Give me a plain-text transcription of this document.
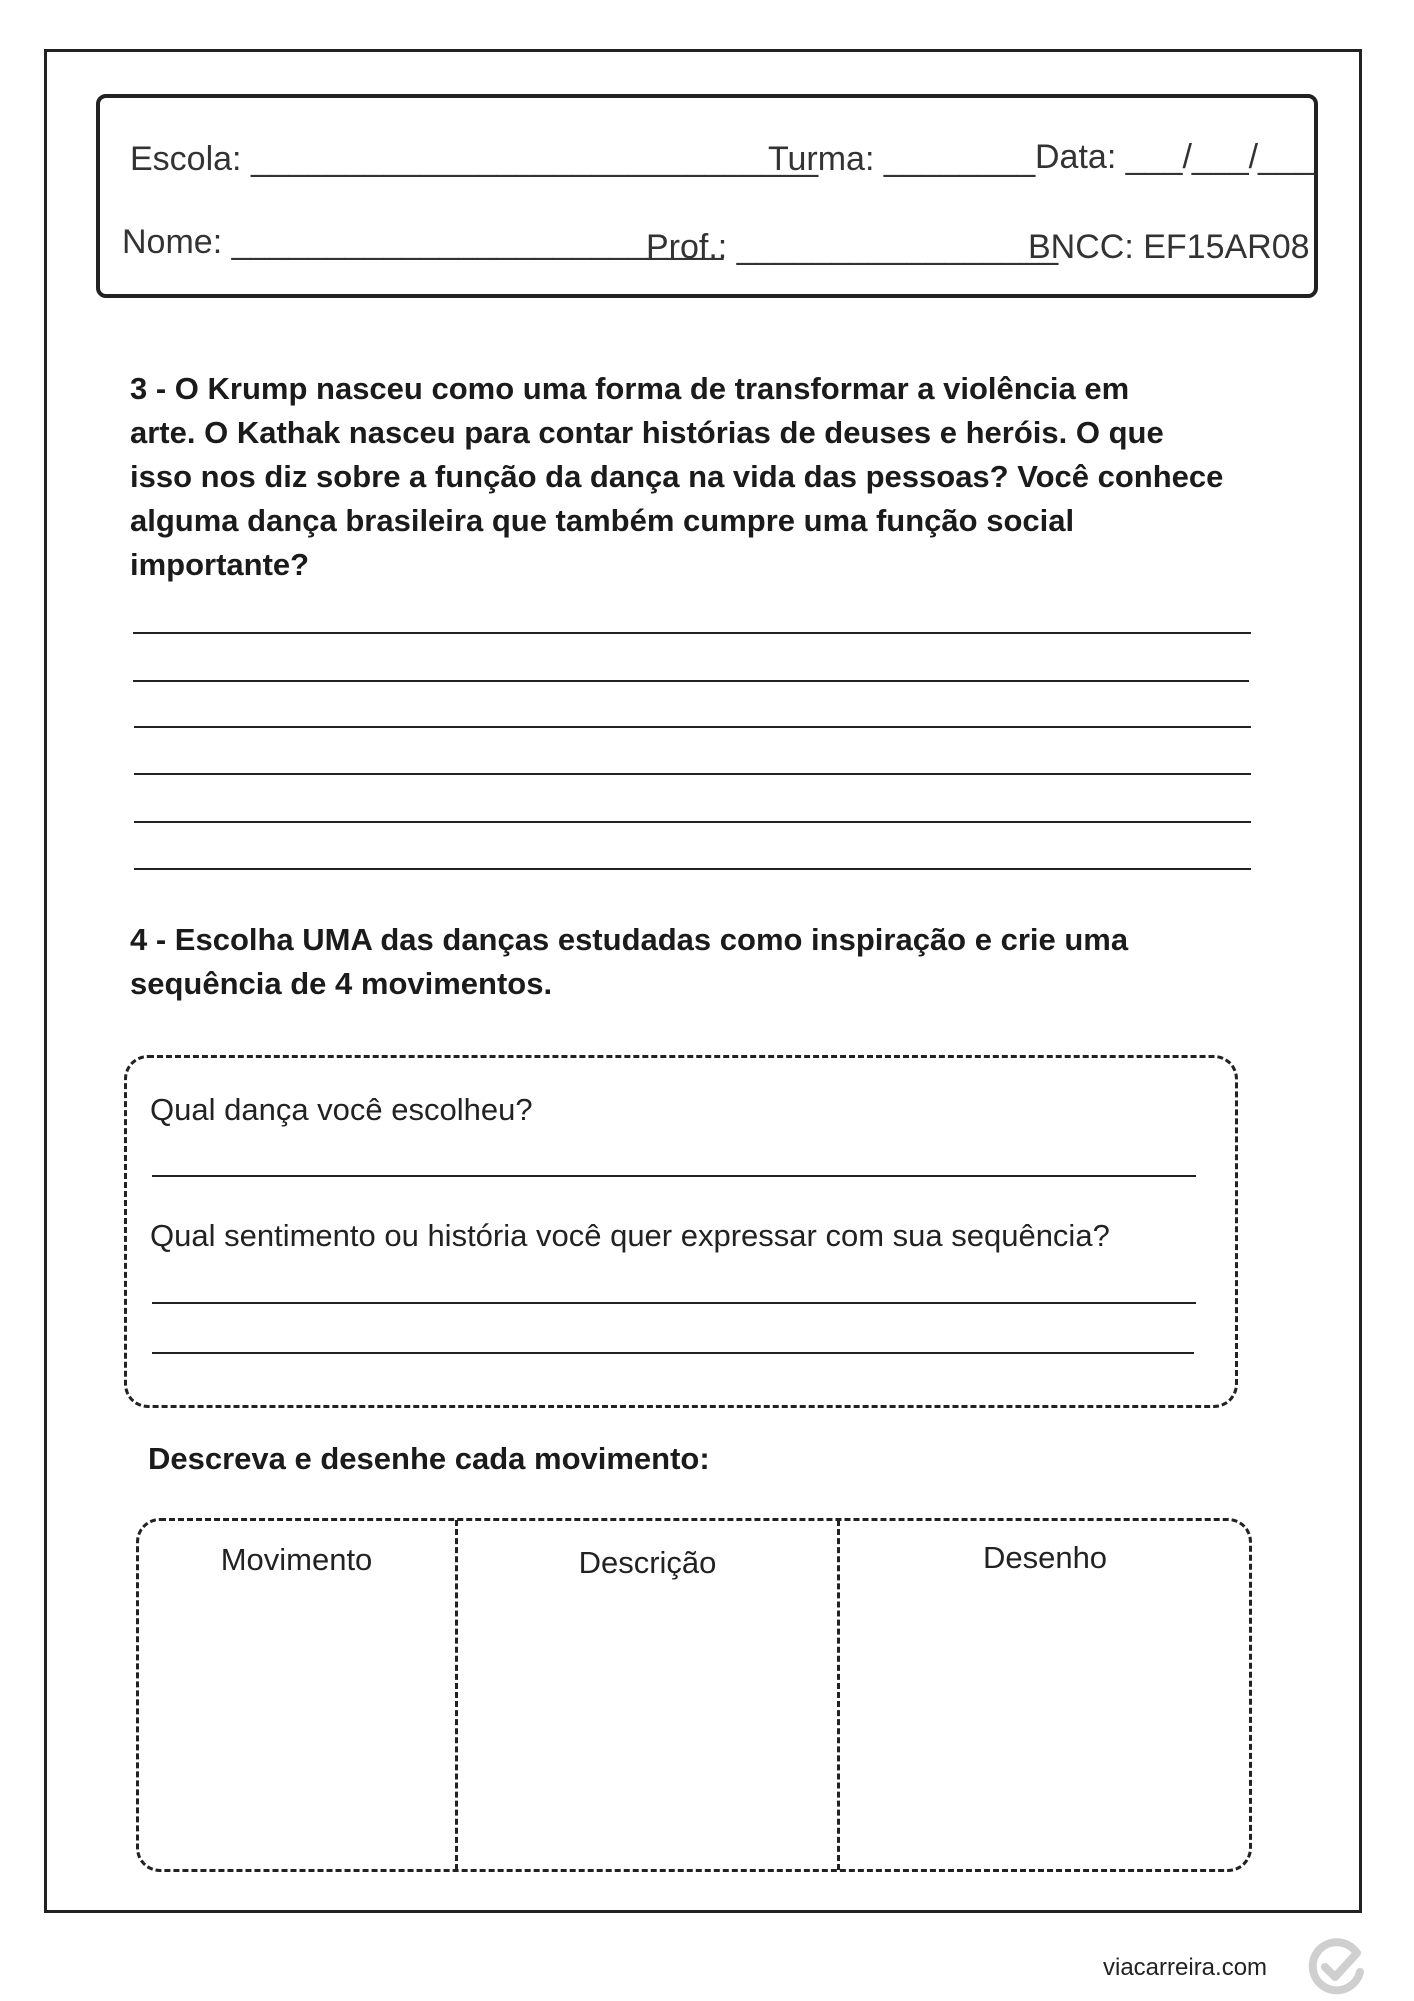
Escola: ______________________________
Turma: ________ Data: ___/___/___
Nome: __________________________
Prof.: _________________
BNCC: EF15AR08
3 - O Krump nasceu como uma forma de transformar a violência em
arte. O Kathak nasceu para contar histórias de deuses e heróis. O que
isso nos diz sobre a função da dança na vida das pessoas? Você conhece
alguma dança brasileira que também cumpre uma função social
importante?
4 - Escolha UMA das danças estudadas como inspiração e crie uma
sequência de 4 movimentos.
Qual dança você escolheu?
Qual sentimento ou história você quer expressar com sua sequência?
Descreva e desenhe cada movimento:
Movimento	Descrição	Desenho
viacarreira.com
